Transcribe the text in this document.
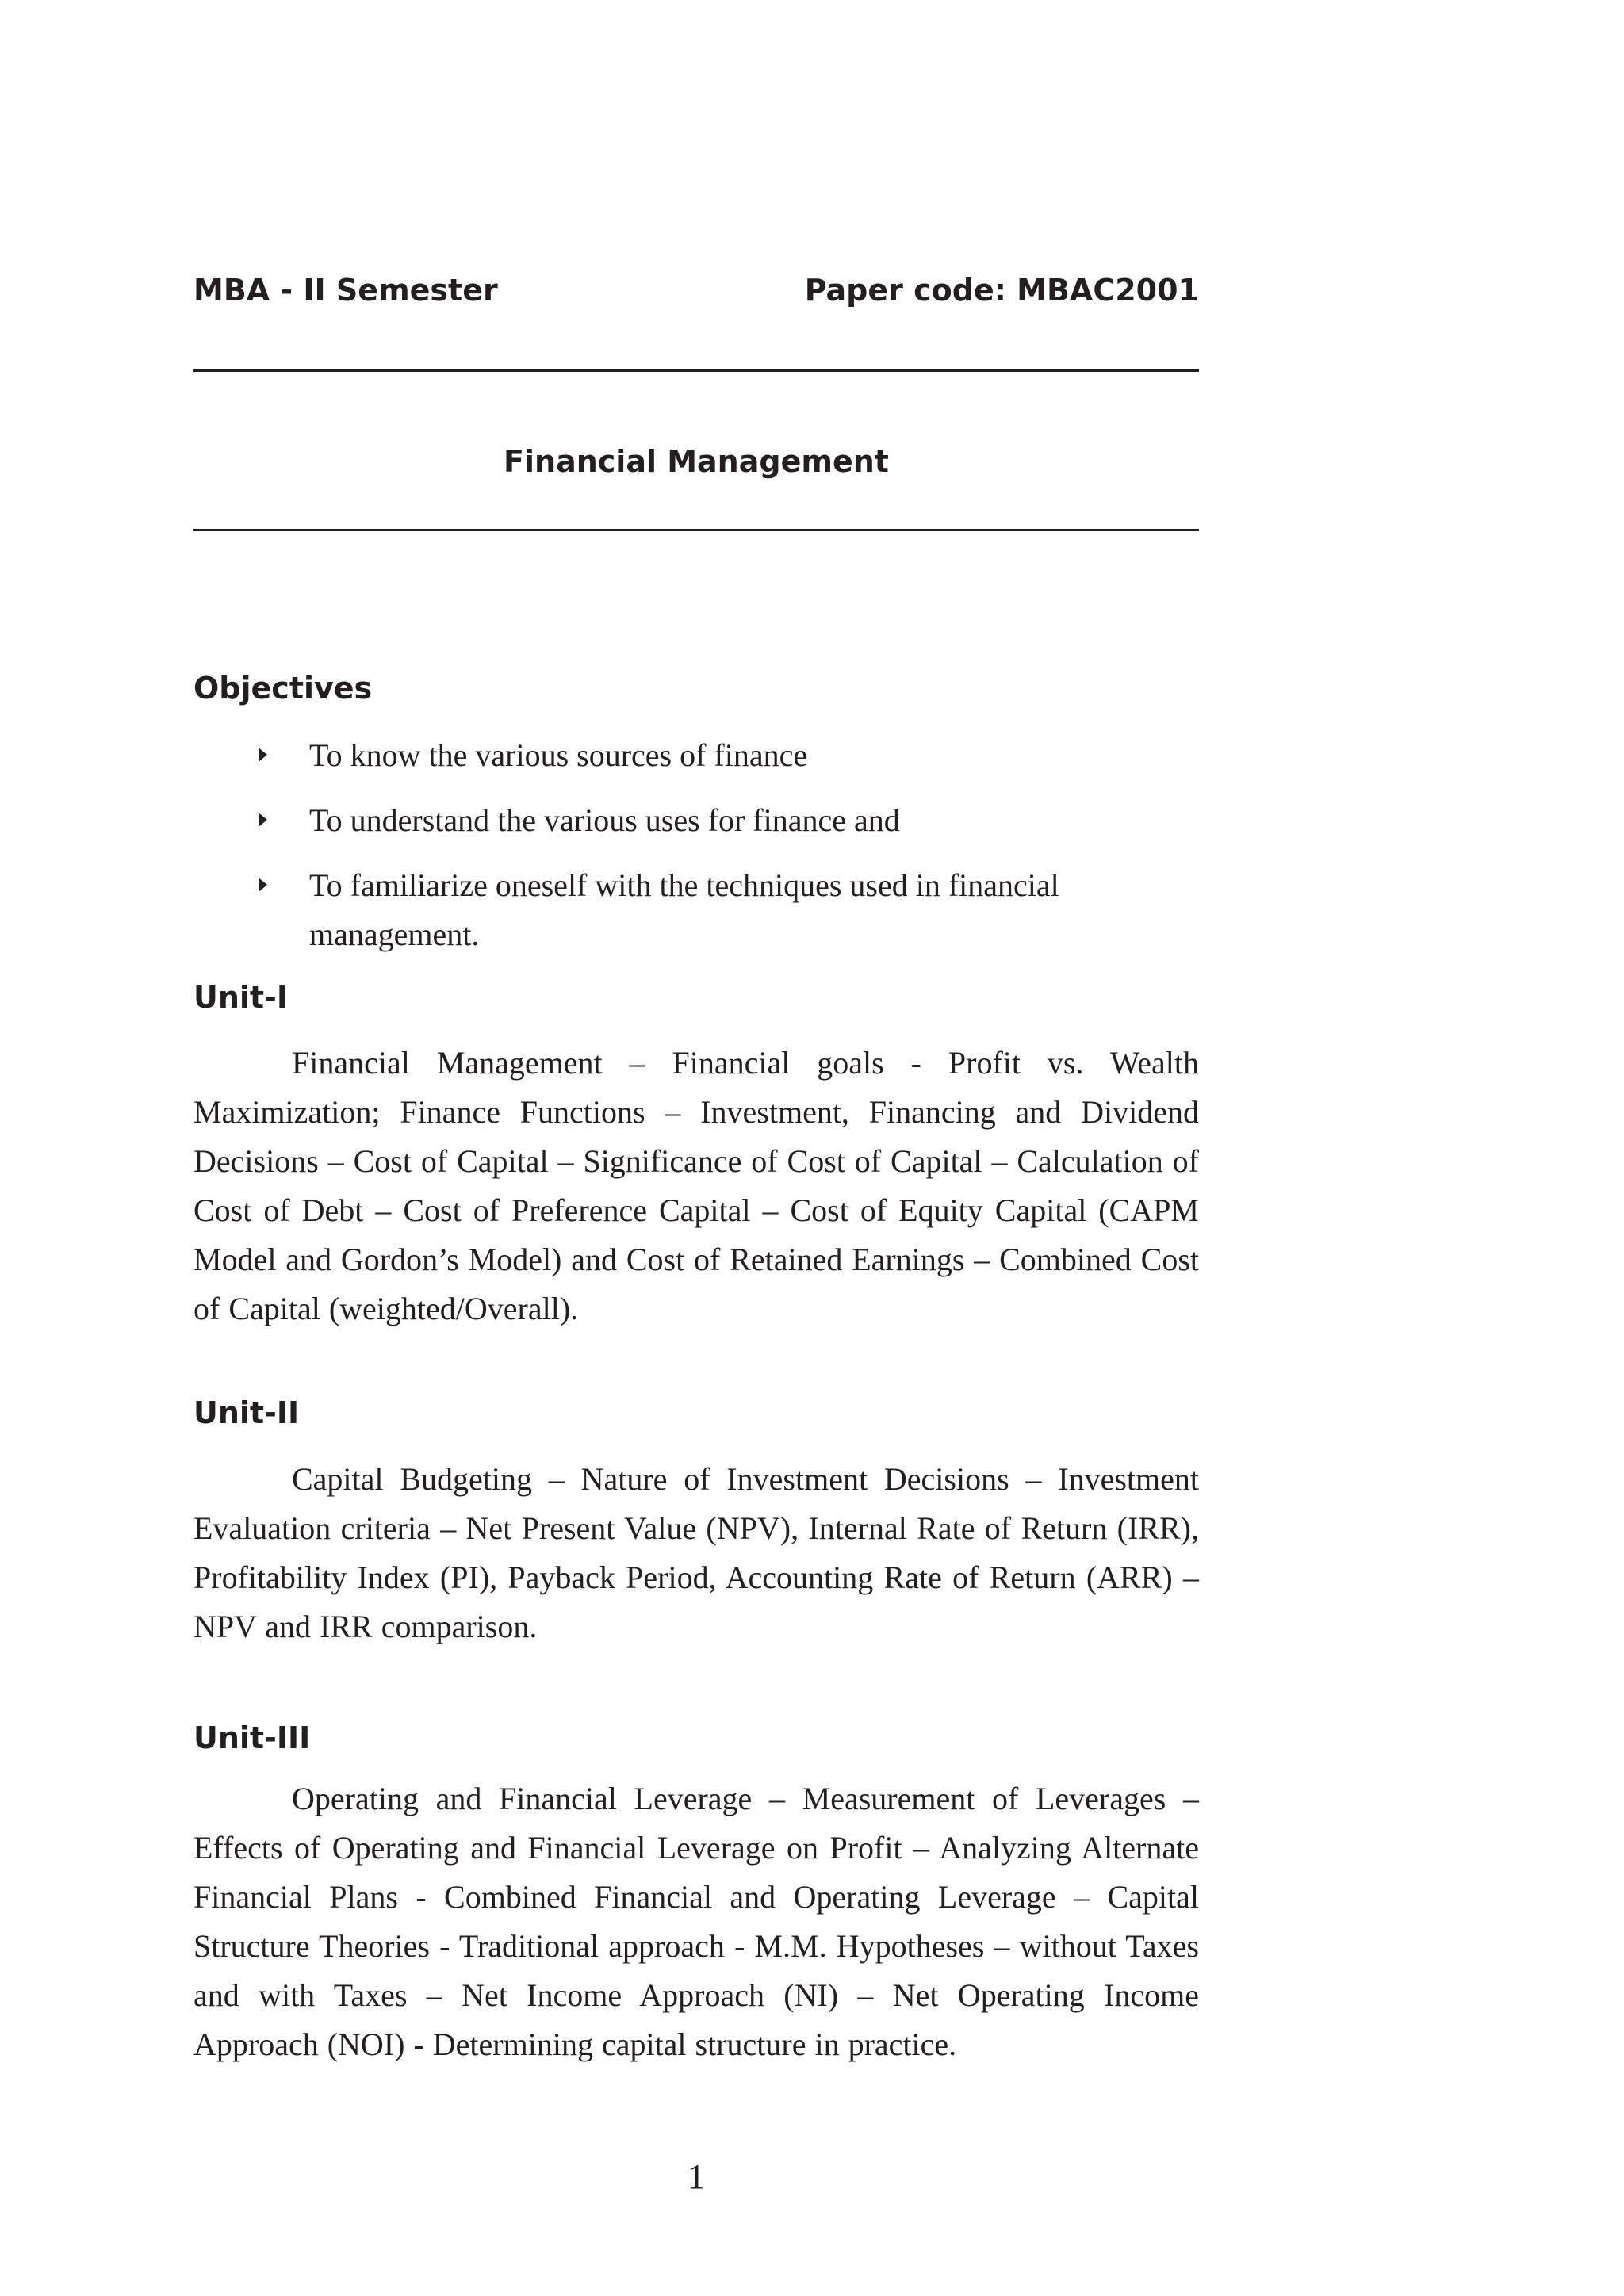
MBA - II Semester	Paper code: MBAC2001
Financial Management
Objectives
To know the various sources of finance
To understand the various uses for finance and
To familiarize oneself with the techniques used in financial management.
Unit-I

Financial Management – Financial goals - Profit vs. Wealth Maximization; Finance Functions – Investment, Financing and Dividend Decisions – Cost of Capital – Significance of Cost of Capital – Calculation of Cost of Debt – Cost of Preference Capital – Cost of Equity Capital (CAPM Model and Gordon’s Model) and Cost of Retained Earnings – Combined Cost of Capital (weighted/Overall).

Unit-II

Capital Budgeting – Nature of Investment Decisions – Investment Evaluation criteria – Net Present Value (NPV), Internal Rate of Return (IRR), Profitability Index (PI), Payback Period, Accounting Rate of Return (ARR) – NPV and IRR comparison.

Unit-III

Operating and Financial Leverage – Measurement of Leverages – Effects of Operating and Financial Leverage on Profit – Analyzing Alternate Financial Plans - Combined Financial and Operating Leverage – Capital Structure Theories - Traditional approach - M.M. Hypotheses – without Taxes and with Taxes – Net Income Approach (NI) – Net Operating Income Approach (NOI) - Determining capital structure in practice.

1
